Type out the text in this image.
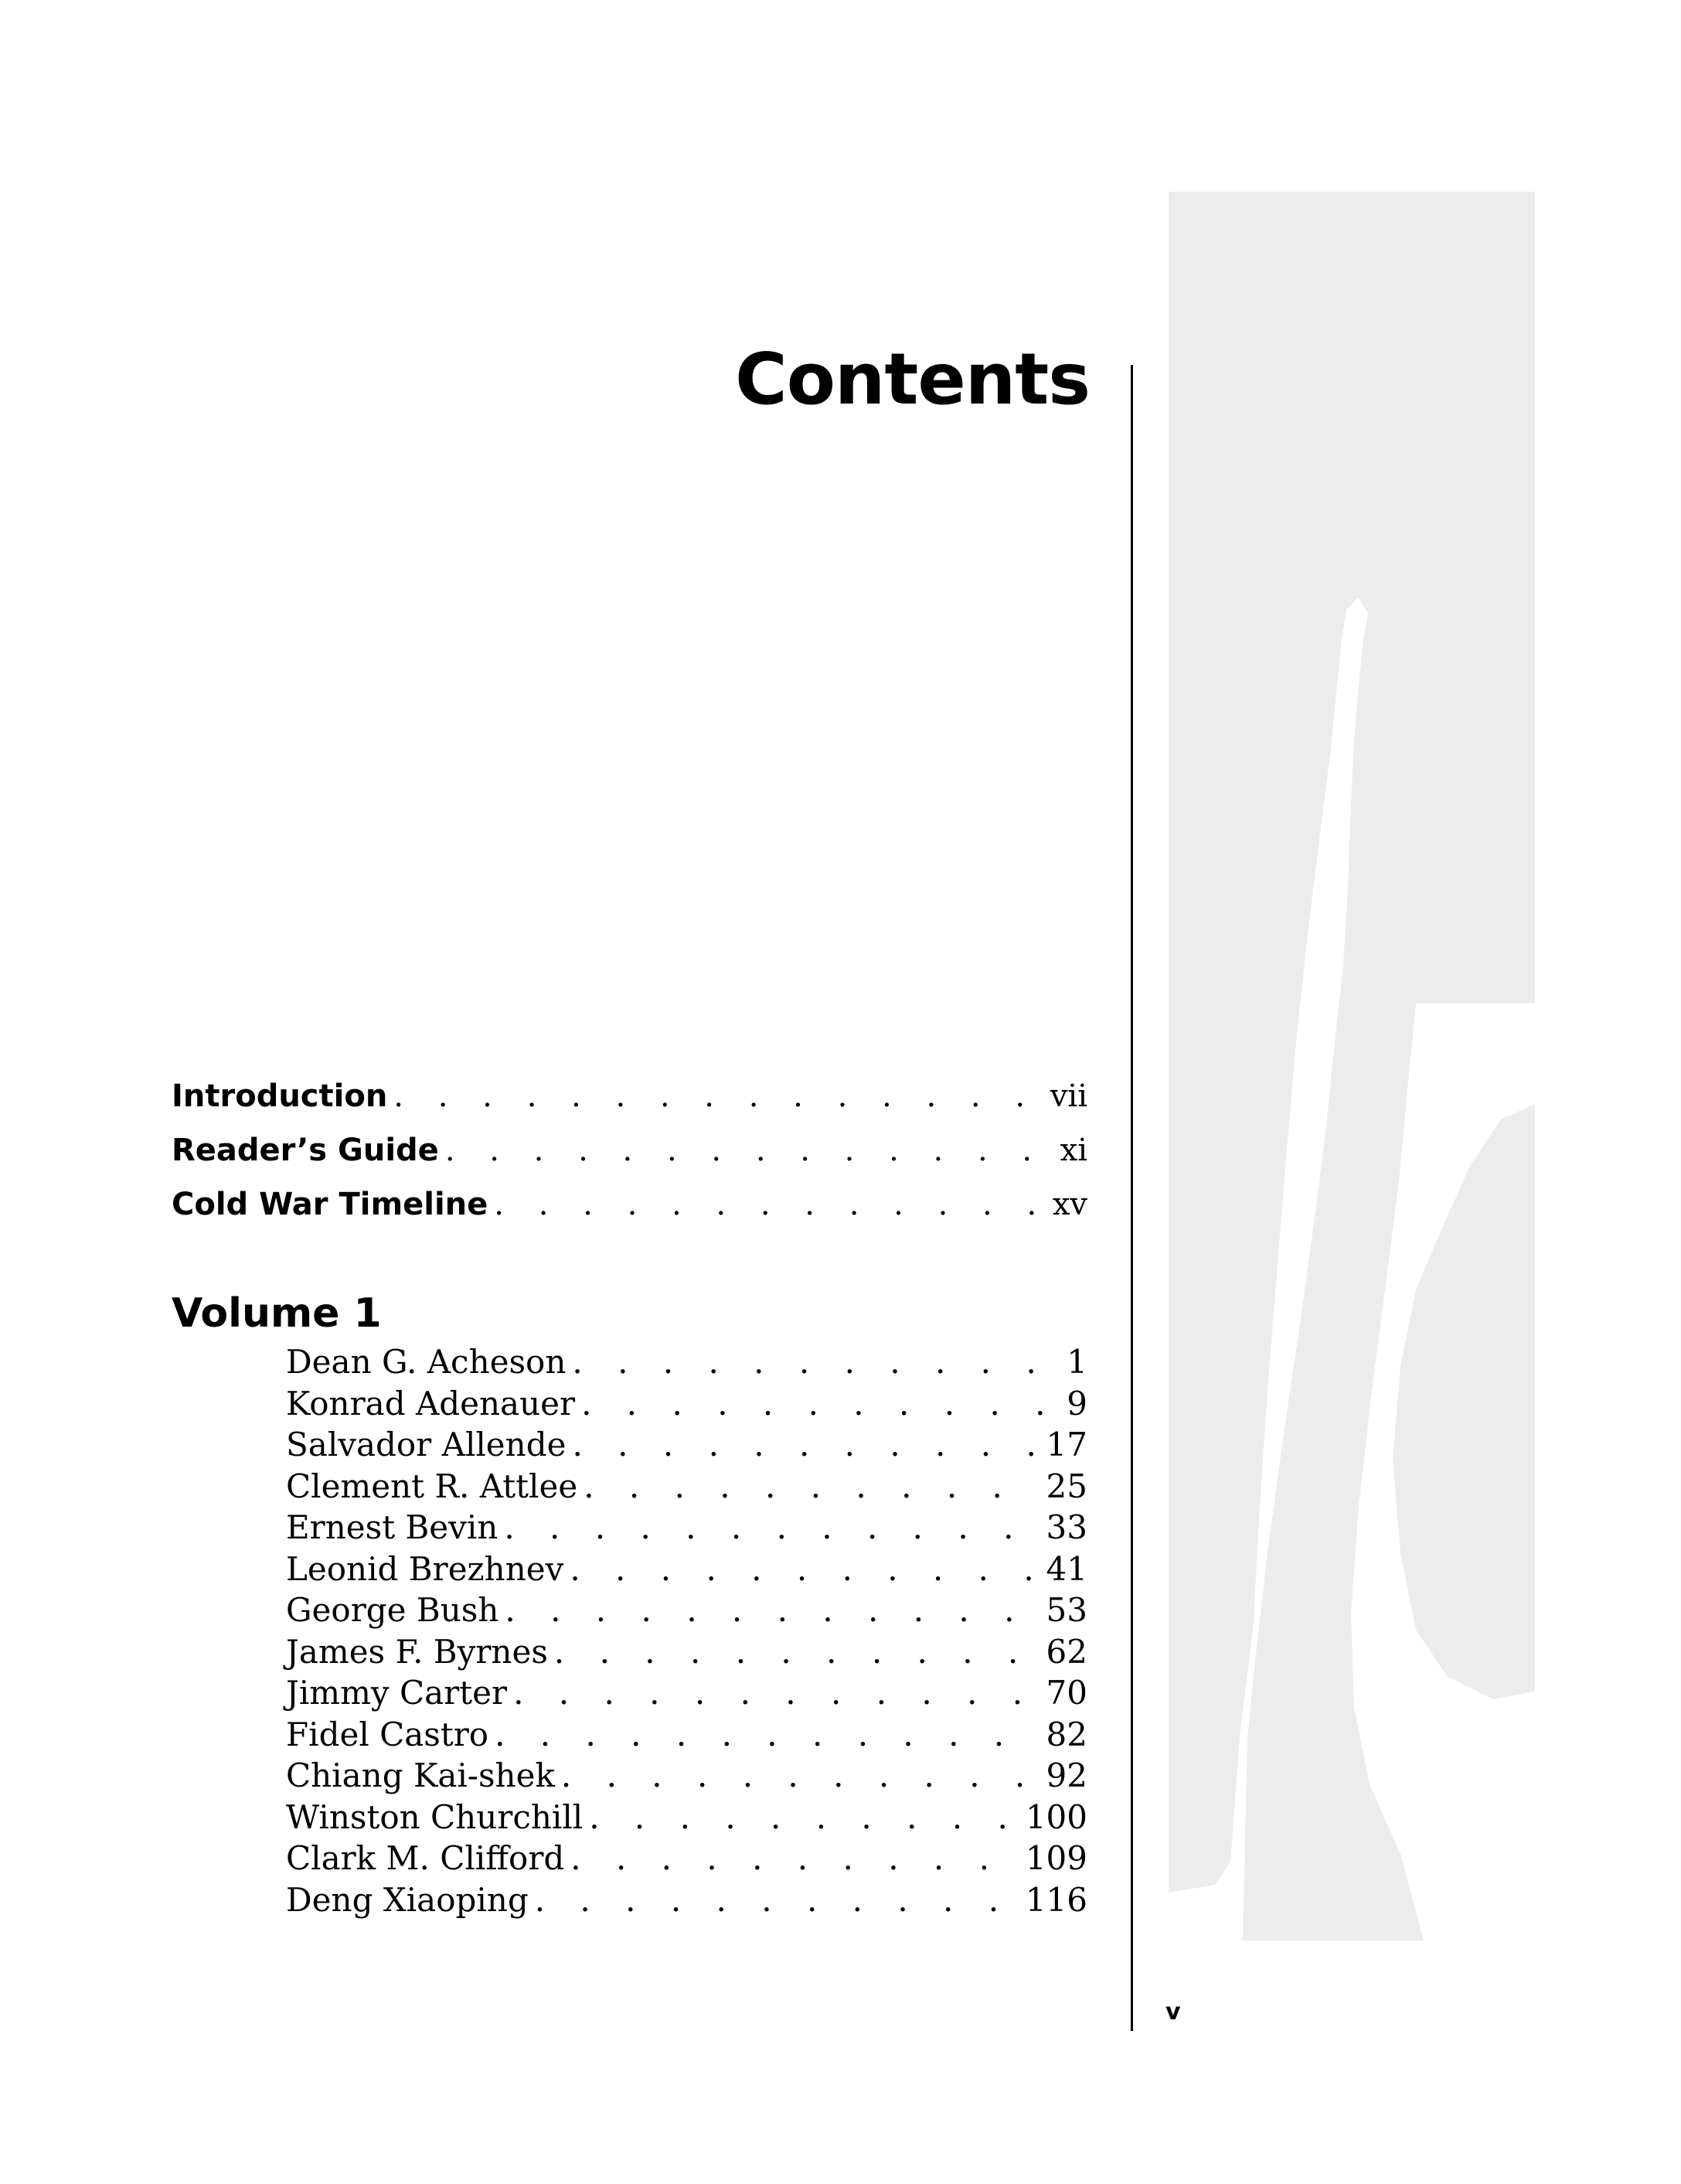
Contents
Introduction . . .	vii
Reader’s Guide . . .	xi
Cold War Timeline . . .	xv
Volume 1
Dean G. Acheson . . .	1
Konrad Adenauer . . .	9
Salvador Allende . . .	17
Clement R. Attlee . . .	25
Ernest Bevin . . .	33
Leonid Brezhnev . . .	41
George Bush . . .	53
James F. Byrnes . . .	62
Jimmy Carter . . .	70
Fidel Castro . . .	82
Chiang Kai-shek . . .	92
Winston Churchill . . .	100
Clark M. Clifford . . .	109
Deng Xiaoping . . .	116
v
